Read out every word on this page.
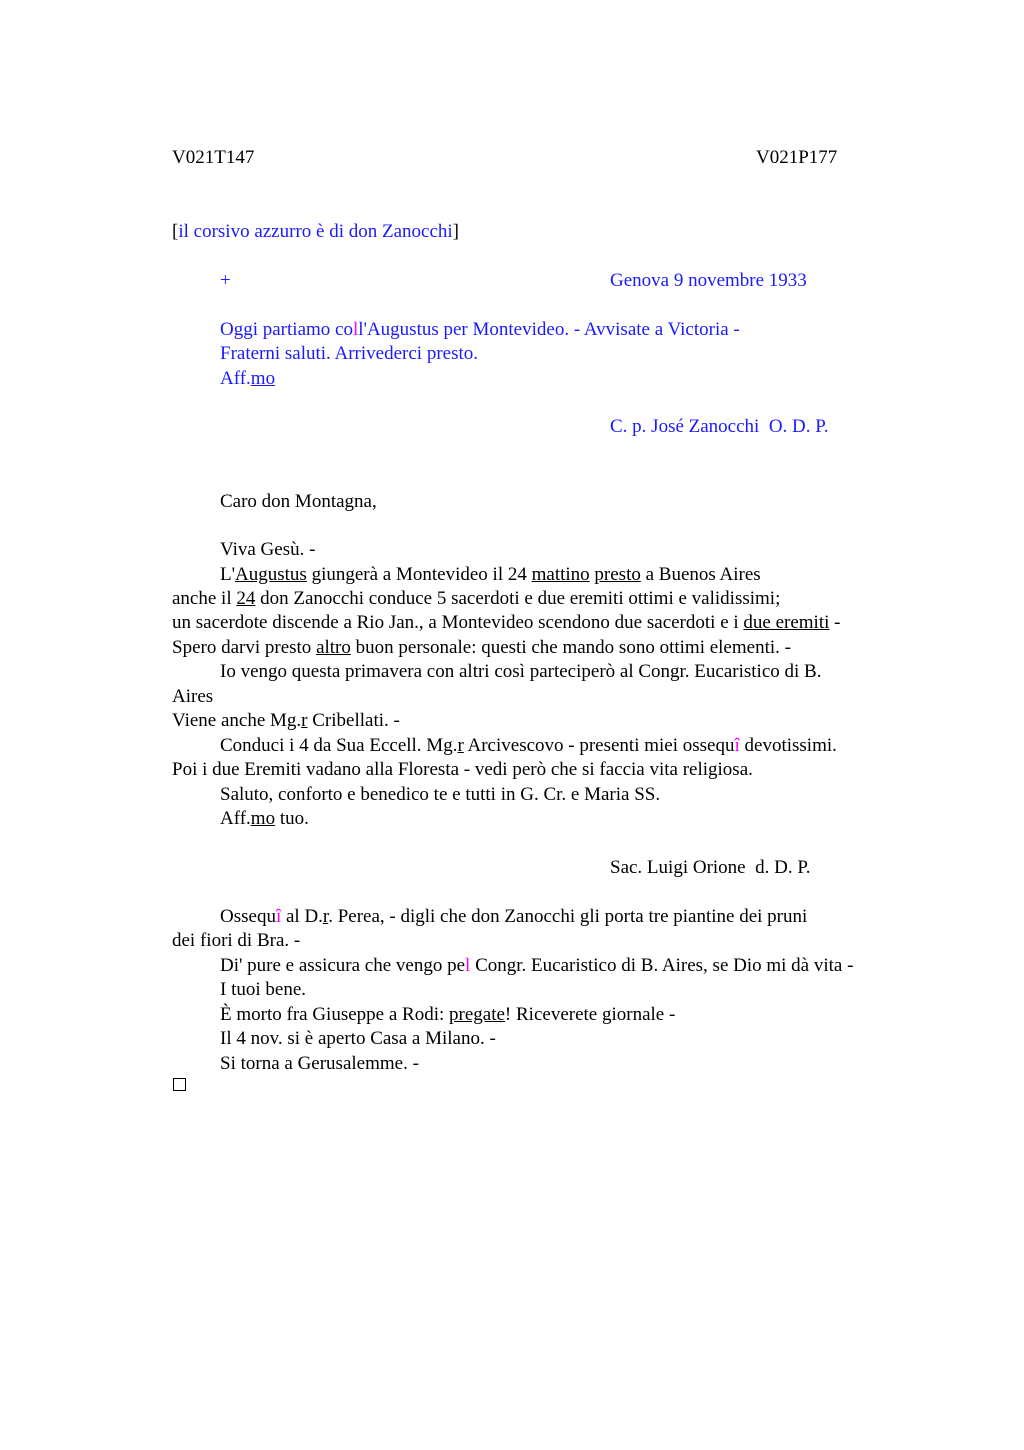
V021T147	V021P177
[il corsivo azzurro è di don Zanocchi]
+	Genova 9 novembre 1933
Oggi partiamo coll'Augustus per Montevideo. - Avvisate a Victoria -
Fraterni saluti. Arrivederci presto.
Aff.mo
C. p. José Zanocchi  O. D. P.
Caro don Montagna,
Viva Gesù. -
L'Augustus giungerà a Montevideo il 24 mattino presto a Buenos Aires
anche il 24 don Zanocchi conduce 5 sacerdoti e due eremiti ottimi e validissimi;
un sacerdote discende a Rio Jan., a Montevideo scendono due sacerdoti e i due eremiti -
Spero darvi presto altro buon personale: questi che mando sono ottimi elementi. -
Io vengo questa primavera con altri così parteciperò al Congr. Eucaristico di B.
Aires
Viene anche Mg.r Cribellati. -
Conduci i 4 da Sua Eccell. Mg.r Arcivescovo - presenti miei ossequî devotissimi.
Poi i due Eremiti vadano alla Floresta - vedi però che si faccia vita religiosa.
Saluto, conforto e benedico te e tutti in G. Cr. e Maria SS.
Aff.mo tuo.
Sac. Luigi Orione  d. D. P.
Ossequî al D.r. Perea, - digli che don Zanocchi gli porta tre piantine dei pruni
dei fiori di Bra. -
Di' pure e assicura che vengo pel Congr. Eucaristico di B. Aires, se Dio mi dà vita -
I tuoi bene.
È morto fra Giuseppe a Rodi: pregate! Riceverete giornale -
Il 4 nov. si è aperto Casa a Milano. -
Si torna a Gerusalemme. -
